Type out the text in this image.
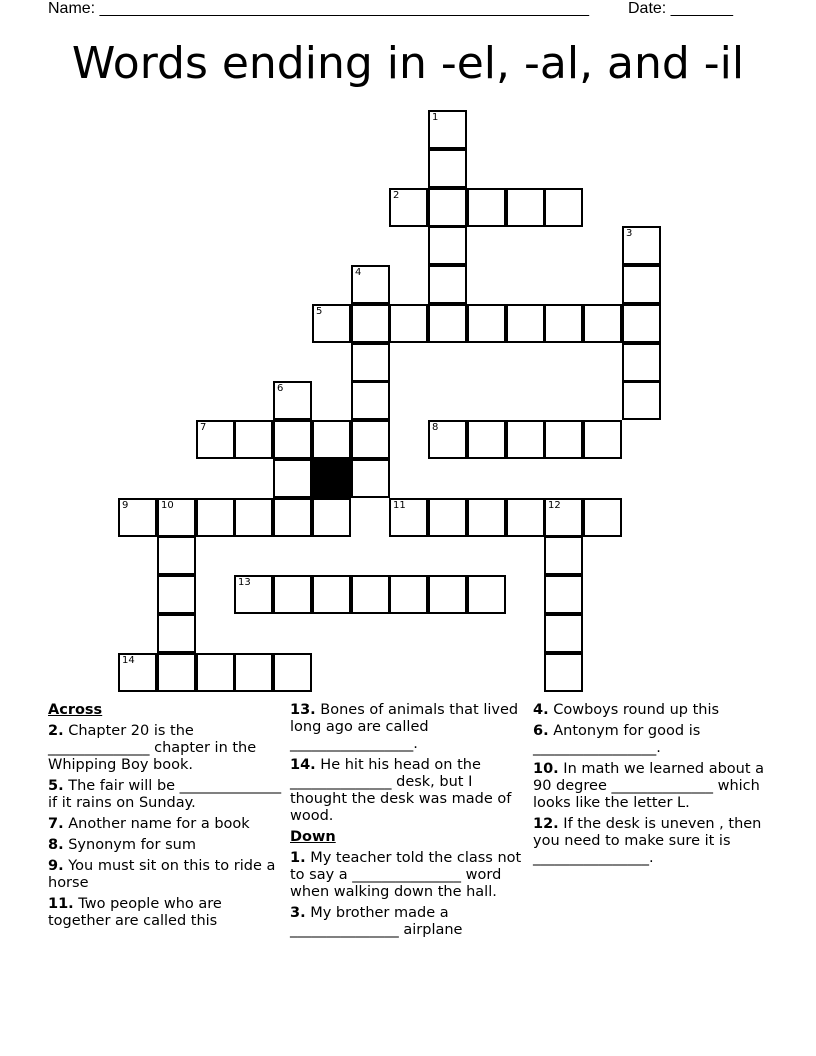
Name: _______________________________________________________ Date: _______
Words ending in -el, -al, and -il
1
2
3
4
5
6
7	8
9	10	11	12
13
14
Across
2. Chapter 20 is the ______________ chapter in the Whipping Boy book.
5. The fair will be ______________ if it rains on Sunday.
7. Another name for a book
8. Synonym for sum
9. You must sit on this to ride a horse
11. Two people who are together are called this
13. Bones of animals that lived long ago are called _________________.
14. He hit his head on the ______________ desk, but I thought the desk was made of wood.
Down
1. My teacher told the class not to say a _______________ word when walking down the hall.
3. My brother made a _______________ airplane
4. Cowboys round up this
6. Antonym for good is _________________.
10. In math we learned about a 90 degree ______________ which looks like the letter L.
12. If the desk is uneven , then you need to make sure it is ________________.
